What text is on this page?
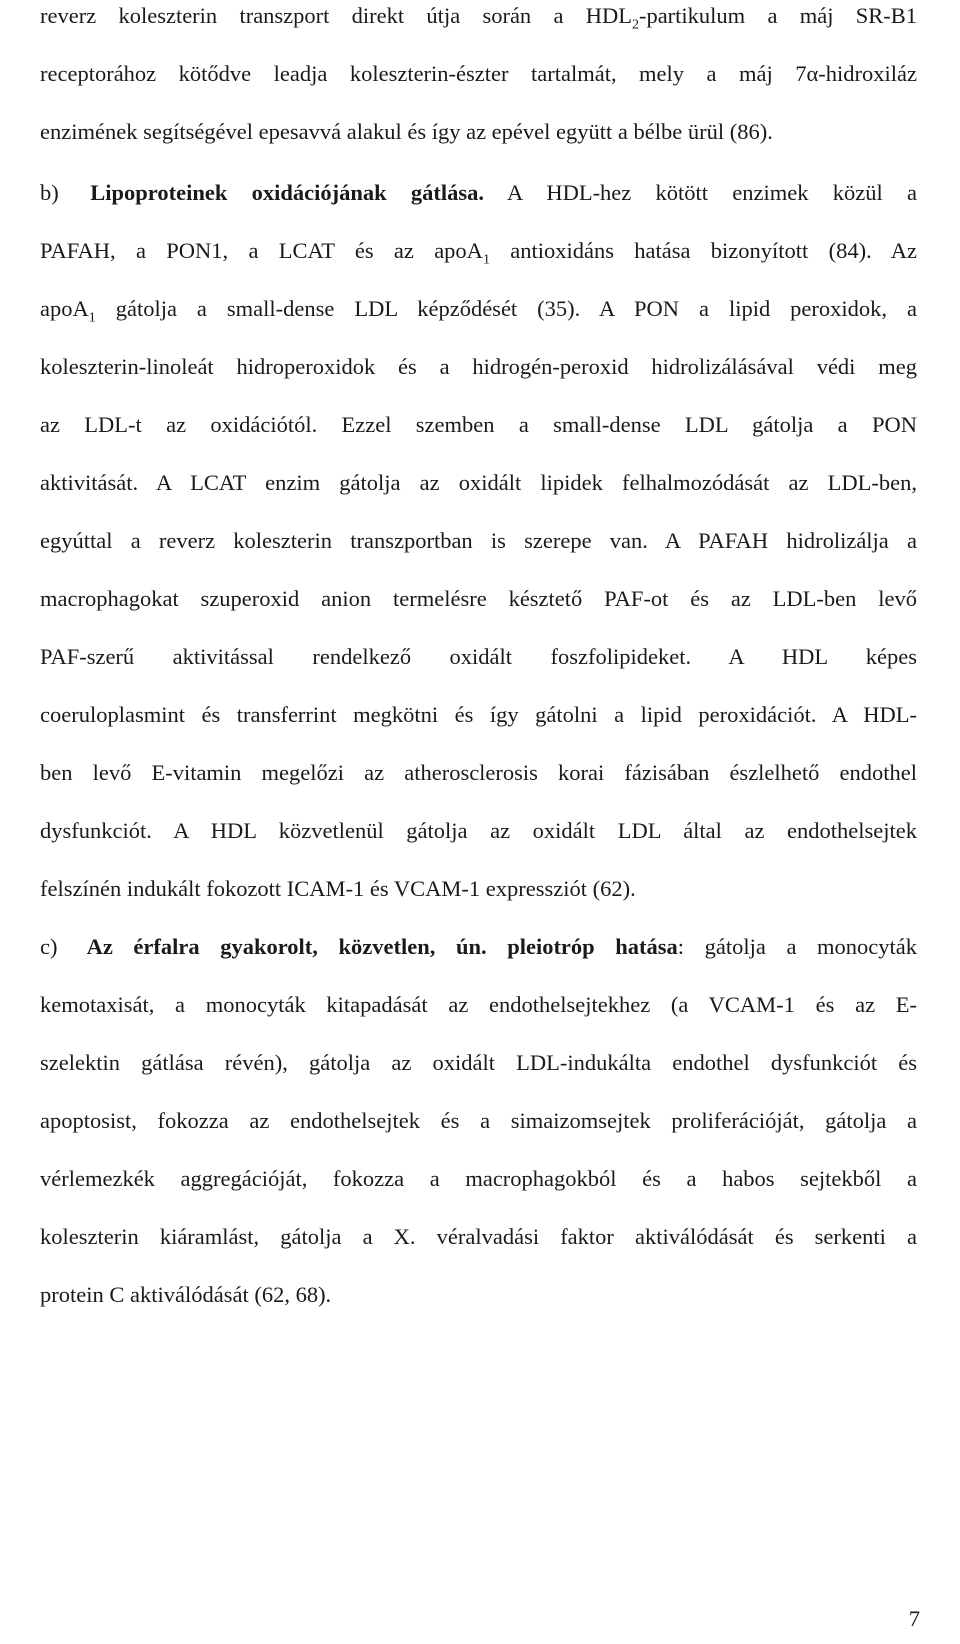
reverz koleszterin transzport direkt útja során a $HDL_2$-partikulum a máj SR-B1
receptorához kötődve leadja koleszterin-észter tartalmát, mely a máj 7α-hidroxiláz
enzimének segítségével epesavvá alakul és így az epével együtt a bélbe ürül (86).
b) Lipoproteinek oxidációjának gátlása. A HDL-hez kötött enzimek közül a
PAFAH, a PON1, a LCAT és az apoA$_1$ antioxidáns hatása bizonyított (84). Az
apoA$_1$ gátolja a small-dense LDL képződését (35). A PON a lipid peroxidok, a
koleszterin-linoleát hidroperoxidok és a hidrogén-peroxid hidrolizálásával védi meg
az LDL-t az oxidációtól. Ezzel szemben a small-dense LDL gátolja a PON
aktivitását. A LCAT enzim gátolja az oxidált lipidek felhalmozódását az LDL-ben,
egyúttal a reverz koleszterin transzportban is szerepe van. A PAFAH hidrolizálja a
macrophagokat szuperoxid anion termelésre késztető PAF-ot és az LDL-ben levő
PAF-szerű aktivitással rendelkező oxidált foszfolipideket. A HDL képes
coeruloplasmint és transferrint megkötni és így gátolni a lipid peroxidációt. A HDL-
ben levő E-vitamin megelőzi az atherosclerosis korai fázisában észlelhető endothel
dysfunkciót. A HDL közvetlenül gátolja az oxidált LDL által az endothelsejtek
felszínén indukált fokozott ICAM-1 és VCAM-1 expressziót (62).
c) Az érfalra gyakorolt, közvetlen, ún. pleiotróp hatása: gátolja a monocyták
kemotaxisát, a monocyták kitapadását az endothelsejtekhez (a VCAM-1 és az E-
szelektin gátlása révén), gátolja az oxidált LDL-indukálta endothel dysfunkciót és
apoptosist, fokozza az endothelsejtek és a simaizomsejtek proliferációját, gátolja a
vérlemezkék aggregációját, fokozza a macrophagokból és a habos sejtekből a
koleszterin kiáramlást, gátolja a X. véralvadási faktor aktiválódását és serkenti a
protein C aktiválódását (62, 68).
7
